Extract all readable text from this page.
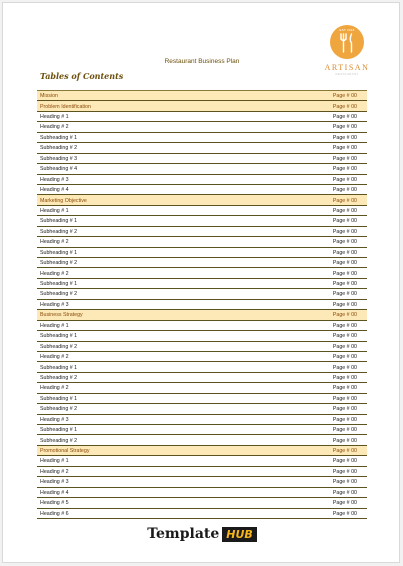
EST 2018
ARTISAN
RESTAURANT
Restaurant Business Plan
Tables of Contents
Mission	Page # 00
Problem Identification	Page # 00
Heading # 1	Page # 00
Heading # 2	Page # 00
Subheading # 1	Page # 00
Subheading # 2	Page # 00
Subheading # 3	Page # 00
Subheading # 4	Page # 00
Heading # 3	Page # 00
Heading # 4	Page # 00
Marketing Objective	Page # 00
Heading # 1	Page # 00
Subheading # 1	Page # 00
Subheading # 2	Page # 00
Heading # 2	Page # 00
Subheading # 1	Page # 00
Subheading # 2	Page # 00
Heading # 2	Page # 00
Subheading # 1	Page # 00
Subheading # 2	Page # 00
Heading # 3	Page # 00
Business Strategy	Page # 00
Heading # 1	Page # 00
Subheading # 1	Page # 00
Subheading # 2	Page # 00
Heading # 2	Page # 00
Subheading # 1	Page # 00
Subheading # 2	Page # 00
Heading # 2	Page # 00
Subheading # 1	Page # 00
Subheading # 2	Page # 00
Heading # 3	Page # 00
Subheading # 1	Page # 00
Subheading # 2	Page # 00
Promotional Strategy	Page # 00
Heading # 1	Page # 00
Heading # 2	Page # 00
Heading # 3	Page # 00
Heading # 4	Page # 00
Heading # 5	Page # 00
Heading # 6	Page # 00
Template HUB
